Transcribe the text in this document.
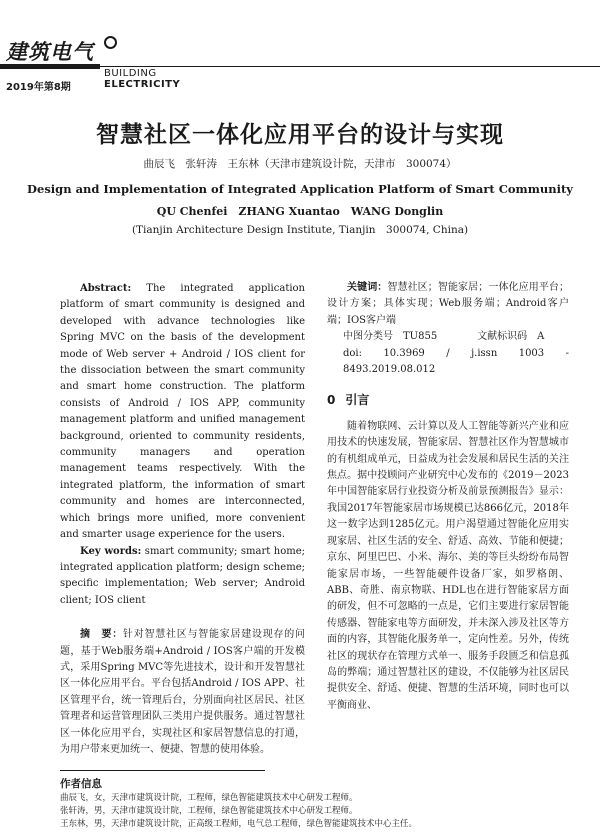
建筑电气
BUILDING
ELECTRICITY
2019年第8期
智慧社区一体化应用平台的设计与实现
曲辰飞　张轩涛　王东林（天津市建筑设计院，天津市　300074）
Design and Implementation of Integrated Application Platform of Smart Community
QU Chenfei　ZHANG Xuantao　WANG Donglin
(Tianjin Architecture Design Institute, Tianjin　300074, China)

Abstract: The integrated application platform of smart community is designed and developed with advance technologies like Spring MVC on the basis of the development mode of Web server + Android / IOS client for the dissociation between the smart community and smart home construction. The platform consists of Android / IOS APP, community management platform and unified management background, oriented to community residents, community managers and operation management teams respectively. With the integrated platform, the information of smart community and homes are interconnected, which brings more unified, more convenient and smarter usage experience for the users.

Key words: smart community; smart home; integrated application platform; design scheme; specific implementation; Web server; Android client; IOS client

摘　要：针对智慧社区与智能家居建设现存的问题，基于Web服务端+Android / IOS客户端的开发模式，采用Spring MVC等先进技术，设计和开发智慧社区一体化应用平台。平台包括Android / IOS APP、社区管理平台，统一管理后台，分别面向社区居民、社区管理者和运营管理团队三类用户提供服务。通过智慧社区一体化应用平台，实现社区和家居智慧信息的打通，为用户带来更加统一、便捷、智慧的使用体验。

关键词：智慧社区；智能家居；一体化应用平台；设计方案；具体实现；Web服务端；Android客户端；IOS客户端

中图分类号　TU855　　　　	文献标识码　A

doi: 10.3969 / j.issn 1003 - 8493.2019.08.012

0 引言

随着物联网、云计算以及人工智能等新兴产业和应用技术的快速发展，智能家居、智慧社区作为智慧城市的有机组成单元，日益成为社会发展和居民生活的关注焦点。据中投顾问产业研究中心发布的《2019－2023年中国智能家居行业投资分析及前景预测报告》显示：我国2017年智能家居市场规模已达866亿元，2018年这一数字达到1285亿元。用户渴望通过智能化应用实现家居、社区生活的安全、舒适、高效、节能和便捷；京东、阿里巴巴、小米、海尔、美的等巨头纷纷布局智能家居市场，一些智能硬件设备厂家，如罗格朗、ABB、奇胜、南京物联、HDL也在进行智能家居方面的研发，但不可忽略的一点是，它们主要进行家居智能传感器、智能家电等方面研发，并未深入涉及社区等方面的内容，其智能化服务单一，定向性差。另外，传统社区的现状存在管理方式单一、服务手段匮乏和信息孤岛的弊端；通过智慧社区的建设，不仅能够为社区居民提供安全、舒适、便捷、智慧的生活环境，同时也可以平衡商业、

作者信息

曲辰飞，女，天津市建筑设计院，工程师，绿色智能建筑技术中心研发工程师。

张轩涛，男，天津市建筑设计院，工程师，绿色智能建筑技术中心研发工程师。

王东林，男，天津市建筑设计院，正高级工程师，电气总工程师，绿色智能建筑技术中心主任。
